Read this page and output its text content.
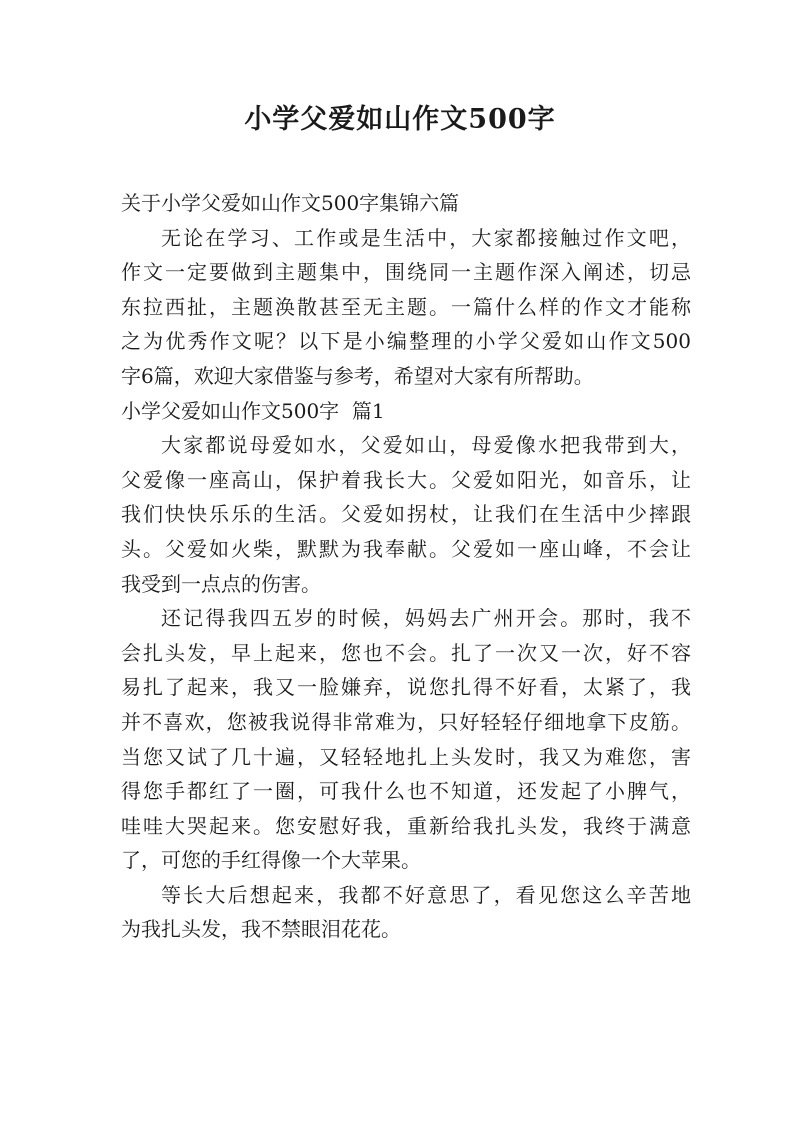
小学父爱如山作文500字
关于小学父爱如山作文500字集锦六篇
无论在学习、工作或是生活中，大家都接触过作文吧，
作文一定要做到主题集中，围绕同一主题作深入阐述，切忌
东拉西扯，主题涣散甚至无主题。一篇什么样的作文才能称
之为优秀作文呢？以下是小编整理的小学父爱如山作文500
字6篇，欢迎大家借鉴与参考，希望对大家有所帮助。
小学父爱如山作文500字  篇1
大家都说母爱如水，父爱如山，母爱像水把我带到大，
父爱像一座高山，保护着我长大。父爱如阳光，如音乐，让
我们快快乐乐的生活。父爱如拐杖，让我们在生活中少摔跟
头。父爱如火柴，默默为我奉献。父爱如一座山峰，不会让
我受到一点点的伤害。
还记得我四五岁的时候，妈妈去广州开会。那时，我不
会扎头发，早上起来，您也不会。扎了一次又一次，好不容
易扎了起来，我又一脸嫌弃，说您扎得不好看，太紧了，我
并不喜欢，您被我说得非常难为，只好轻轻仔细地拿下皮筋。
当您又试了几十遍，又轻轻地扎上头发时，我又为难您，害
得您手都红了一圈，可我什么也不知道，还发起了小脾气，
哇哇大哭起来。您安慰好我，重新给我扎头发，我终于满意
了，可您的手红得像一个大苹果。
等长大后想起来，我都不好意思了，看见您这么辛苦地
为我扎头发，我不禁眼泪花花。
